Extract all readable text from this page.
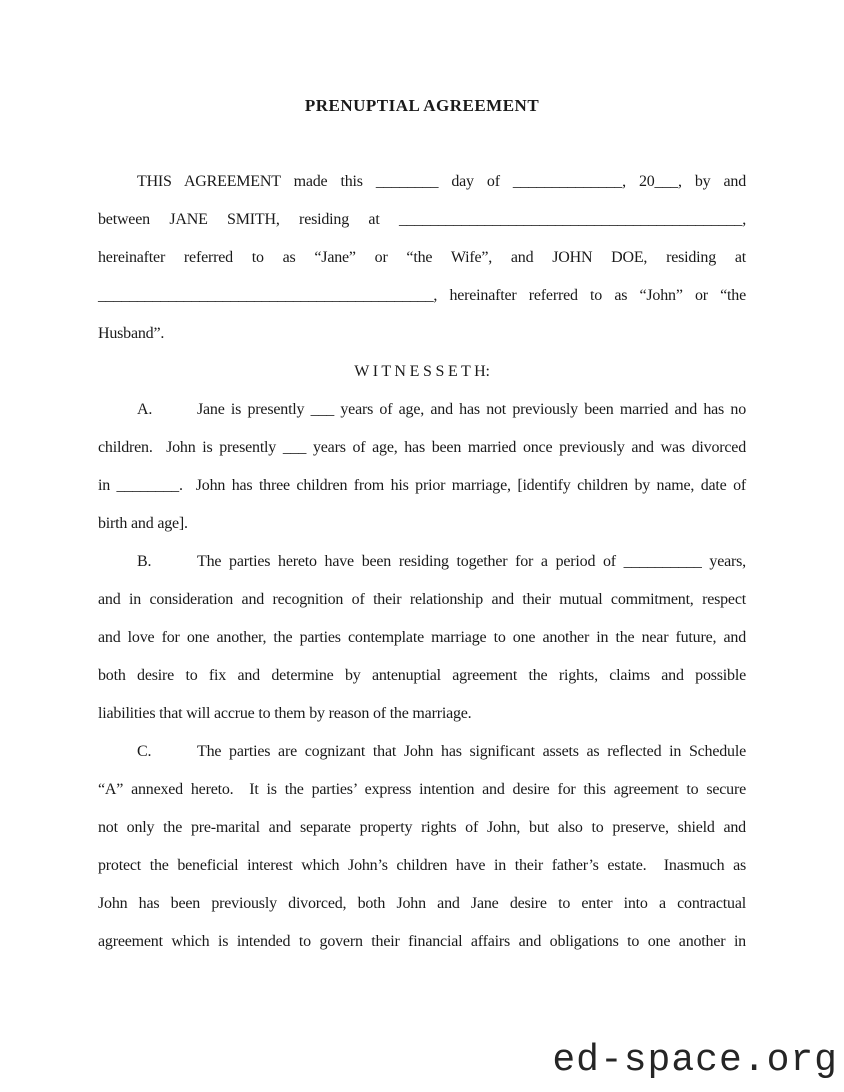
PRENUPTIAL AGREEMENT
THIS AGREEMENT made this ________ day of ______________, 20___, by and
between JANE SMITH, residing at ____________________________________________,
hereinafter referred to as “Jane” or “the Wife”, and JOHN DOE, residing at
___________________________________________, hereinafter referred to as “John” or “the
Husband”.
W I T N E S S E T H:
A.	Jane is presently ___ years of age, and has not previously been married and has no
children.  John is presently ___ years of age, has been married once previously and was divorced
in ________.  John has three children from his prior marriage, [identify children by name, date of
birth and age].
B.	The parties hereto have been residing together for a period of __________ years,
and in consideration and recognition of their relationship and their mutual commitment, respect
and love for one another, the parties contemplate marriage to one another in the near future, and
both desire to fix and determine by antenuptial agreement the rights, claims and possible
liabilities that will accrue to them by reason of the marriage.
C.	The parties are cognizant that John has significant assets as reflected in Schedule
“A” annexed hereto.  It is the parties’ express intention and desire for this agreement to secure
not only the pre-marital and separate property rights of John, but also to preserve, shield and
protect the beneficial interest which John’s children have in their father’s estate.  Inasmuch as
John has been previously divorced, both John and Jane desire to enter into a contractual
agreement which is intended to govern their financial affairs and obligations to one another in
ed-space.org
